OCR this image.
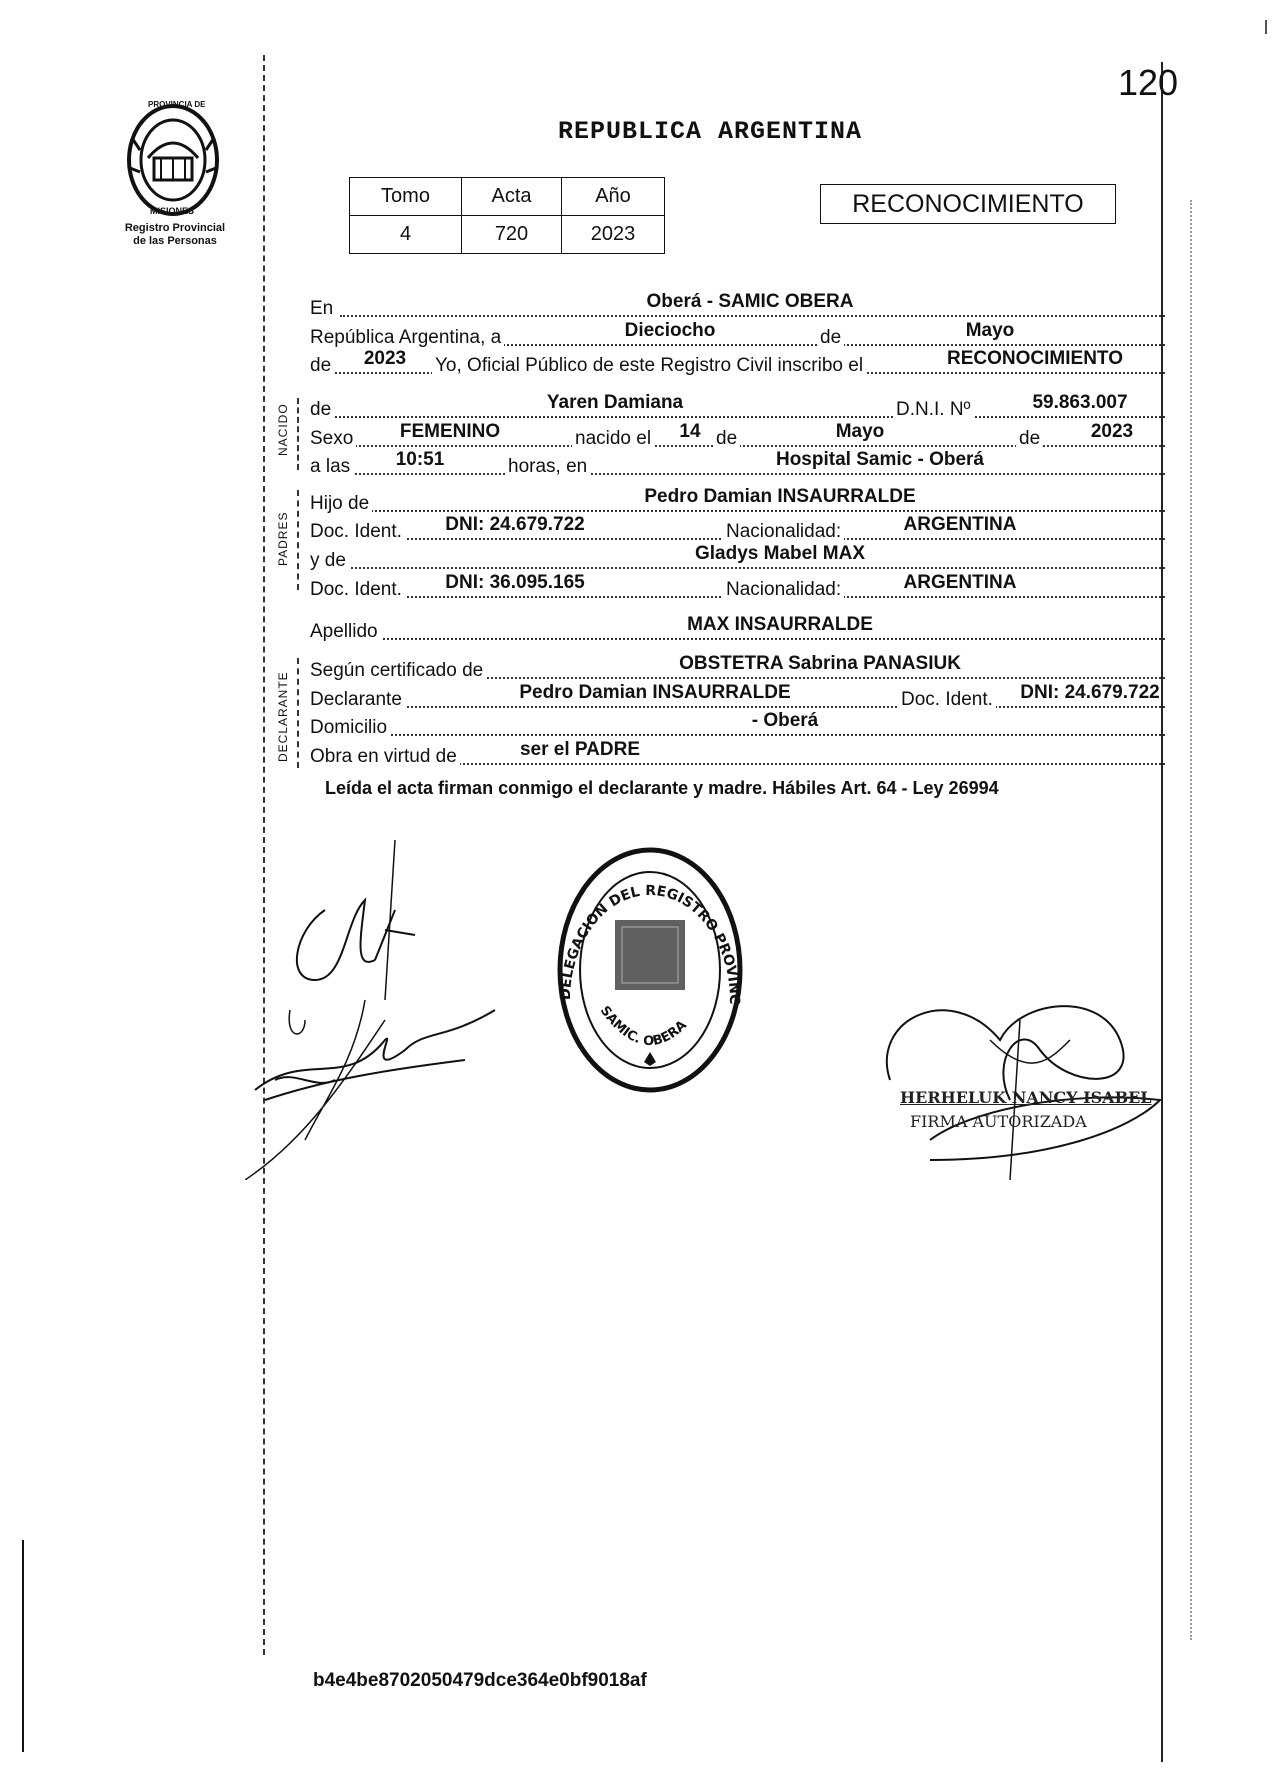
120
PROVINCIA DE
MISIONES
Registro Provincial
de las Personas
REPUBLICA ARGENTINA
Tomo	Acta	Año
4	720	2023
RECONOCIMIENTO
En	Oberá - SAMIC OBERA
República Argentina, a	Dieciocho	de	Mayo
de	2023	Yo, Oficial Público de este Registro Civil inscribo el	RECONOCIMIENTO
NACIDO de	Yaren Damiana	D.N.I. Nº	59.863.007
Sexo	FEMENINO	nacido el	14 de	Mayo	de	2023
a las	10:51	horas, en	Hospital Samic - Oberá
PADRES
Hijo de	Pedro Damian INSAURRALDE
Doc. Ident.	DNI: 24.679.722	Nacionalidad:	ARGENTINA
y de	Gladys Mabel MAX
Doc. Ident.	DNI: 36.095.165	Nacionalidad:	ARGENTINA
Apellido	MAX INSAURRALDE
DECLARANTE
Según certificado de	OBSTETRA Sabrina PANASIUK
Declarante	Pedro Damian INSAURRALDE	Doc. Ident.	DNI: 24.679.722
Domicilio	- Oberá
Obra en virtud de	ser el PADRE
Leída el acta firman conmigo el declarante y madre. Hábiles Art. 64 - Ley 26994
DELEGACION DEL REGISTRO PROVINC
SAMIC. OBERA
HERHELUK NANCY ISABEL
FIRMA AUTORIZADA
b4e4be8702050479dce364e0bf9018af
